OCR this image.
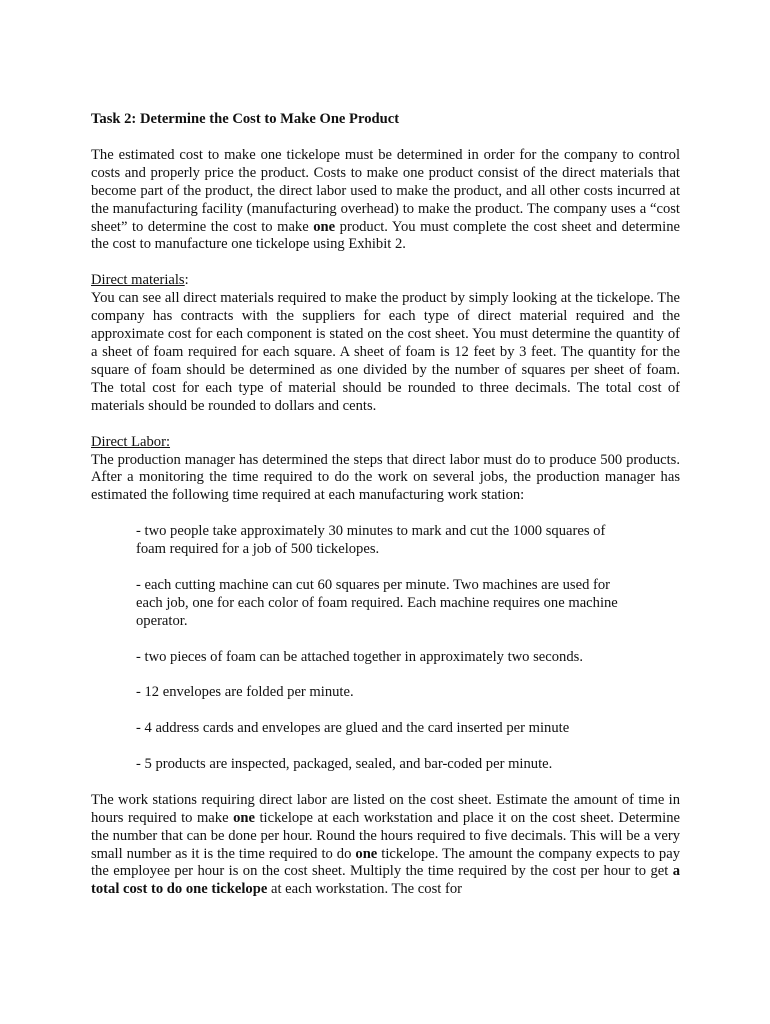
Task 2: Determine the Cost to Make One Product
The estimated cost to make one tickelope must be determined in order for the company to control costs and properly price the product. Costs to make one product consist of the direct materials that become part of the product, the direct labor used to make the product, and all other costs incurred at the manufacturing facility (manufacturing overhead) to make the product. The company uses a “cost sheet” to determine the cost to make one product. You must complete the cost sheet and determine the cost to manufacture one tickelope using Exhibit 2.
Direct materials:
You can see all direct materials required to make the product by simply looking at the tickelope. The company has contracts with the suppliers for each type of direct material required and the approximate cost for each component is stated on the cost sheet. You must determine the quantity of a sheet of foam required for each square. A sheet of foam is 12 feet by 3 feet. The quantity for the square of foam should be determined as one divided by the number of squares per sheet of foam. The total cost for each type of material should be rounded to three decimals. The total cost of materials should be rounded to dollars and cents.
Direct Labor:
The production manager has determined the steps that direct labor must do to produce 500 products. After a monitoring the time required to do the work on several jobs, the production manager has estimated the following time required at each manufacturing work station:
- two people take approximately 30 minutes to mark and cut the 1000 squares of foam required for a job of 500 tickelopes.
- each cutting machine can cut 60 squares per minute. Two machines are used for each job, one for each color of foam required. Each machine requires one machine operator.
- two pieces of foam can be attached together in approximately two seconds.
- 12 envelopes are folded per minute.
- 4 address cards and envelopes are glued and the card inserted per minute
- 5 products are inspected, packaged, sealed, and bar-coded per minute.
The work stations requiring direct labor are listed on the cost sheet. Estimate the amount of time in hours required to make one tickelope at each workstation and place it on the cost sheet. Determine the number that can be done per hour. Round the hours required to five decimals. This will be a very small number as it is the time required to do one tickelope. The amount the company expects to pay the employee per hour is on the cost sheet. Multiply the time required by the cost per hour to get a total cost to do one tickelope at each workstation. The cost for
